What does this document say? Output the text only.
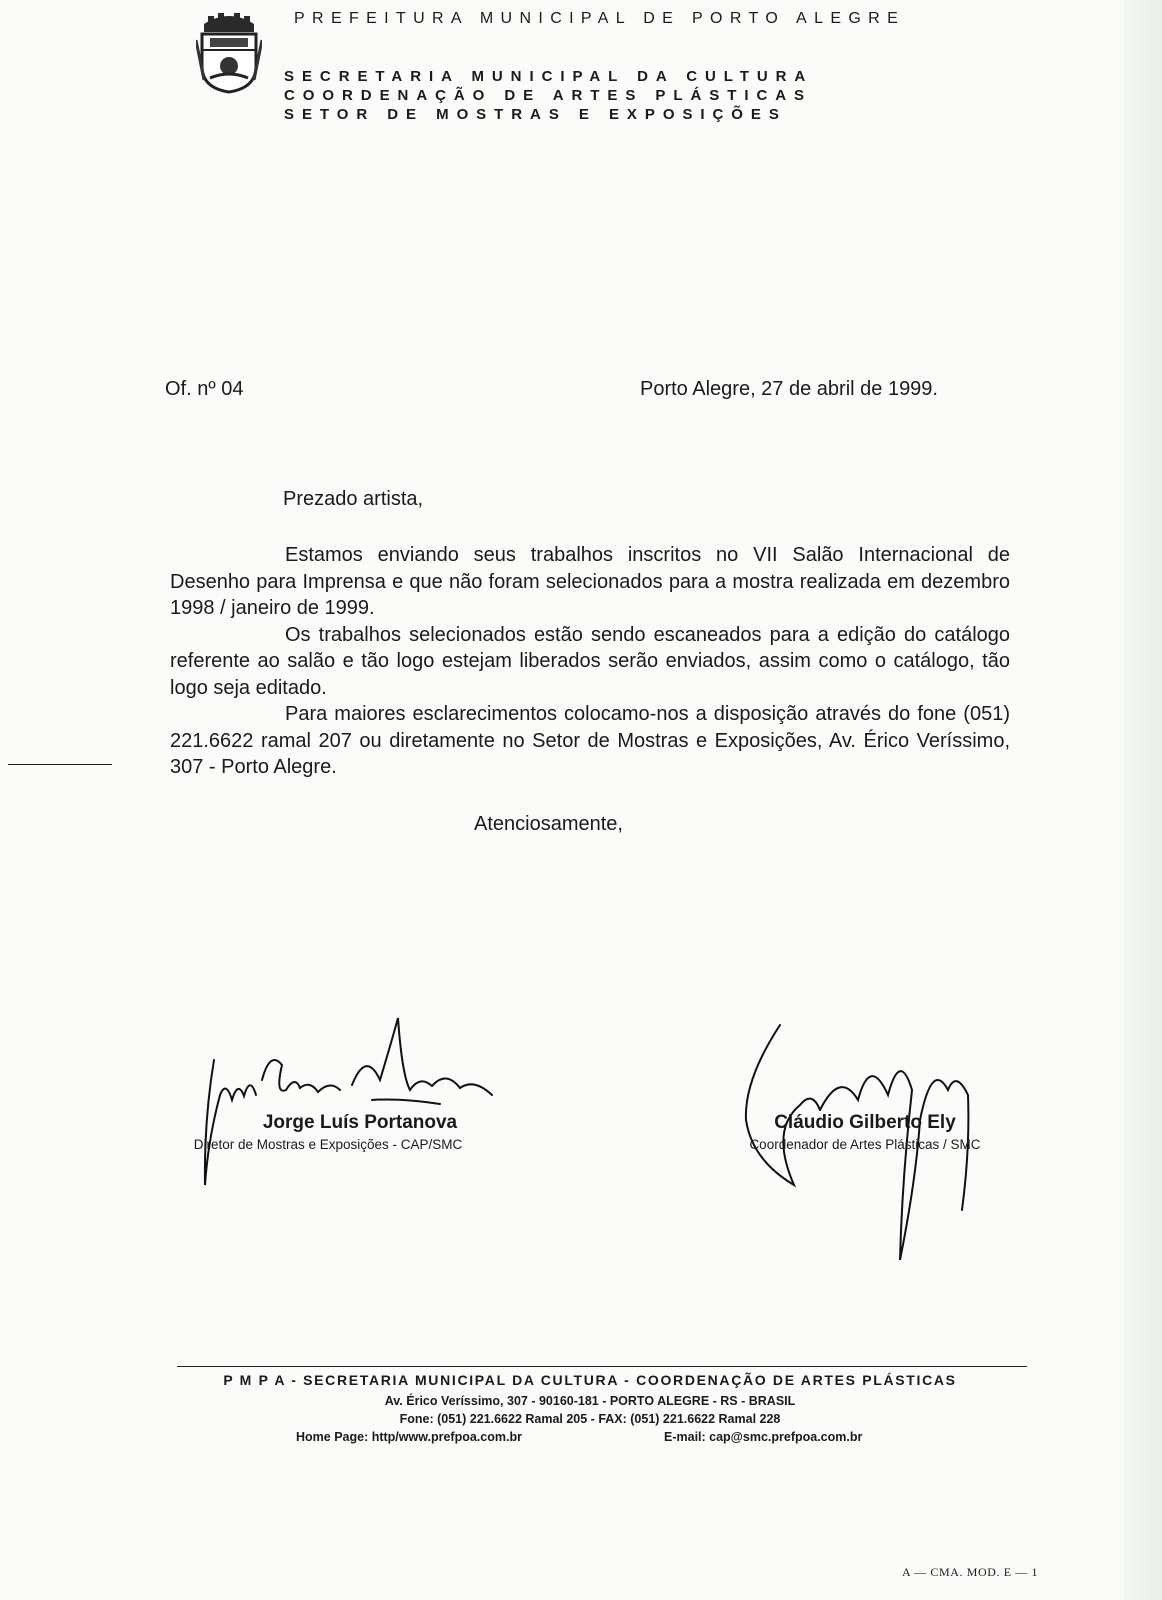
PREFEITURA MUNICIPAL DE PORTO ALEGRE
SECRETARIA MUNICIPAL DA CULTURA
COORDENAÇÃO DE ARTES PLÁSTICAS
SETOR DE MOSTRAS E EXPOSIÇÕES
Of. nº 04	Porto Alegre, 27 de abril de 1999.
Prezado artista,

Estamos enviando seus trabalhos inscritos no VII Salão Internacional de Desenho para Imprensa e que não foram selecionados para a mostra realizada em dezembro 1998 / janeiro de 1999.

Os trabalhos selecionados estão sendo escaneados para a edição do catálogo referente ao salão e tão logo estejam liberados serão enviados, assim como o catálogo, tão logo seja editado.

Para maiores esclarecimentos colocamo-nos a disposição através do fone (051) 221.6622 ramal 207 ou diretamente no Setor de Mostras e Exposições, Av. Érico Veríssimo, 307 - Porto Alegre.

Atenciosamente,
Jorge Luís Portanova
Diretor de Mostras e Exposições - CAP/SMC
Cláudio Gilberto Ely
Coordenador de Artes Plásticas / SMC
P M P A - SECRETARIA MUNICIPAL DA CULTURA - COORDENAÇÃO DE ARTES PLÁSTICAS
Av. Érico Veríssimo, 307 - 90160-181 - PORTO ALEGRE - RS - BRASIL
Fone: (051) 221.6622 Ramal 205 - FAX: (051) 221.6622 Ramal 228
Home Page: http/www.prefpoa.com.br	E-mail: cap@smc.prefpoa.com.br
A — CMA. MOD. E — 1
